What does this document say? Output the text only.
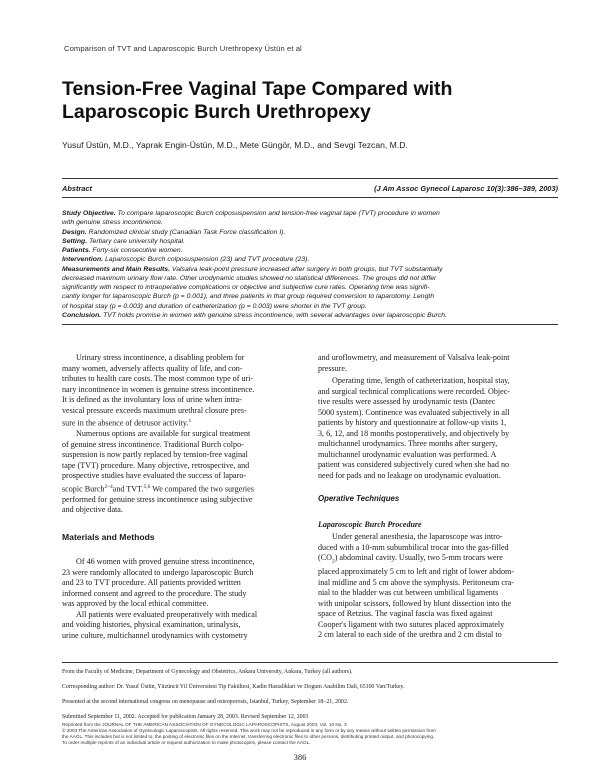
Comparison of TVT and Laparoscopic Burch Urethropexy Üstün et al
Tension-Free Vaginal Tape Compared with
Laparoscopic Burch Urethropexy
Yusuf Üstün, M.D., Yaprak Engin-Üstün, M.D., Mete Güngör, M.D., and Sevgi Tezcan, M.D.
Abstract	(J Am Assoc Gynecol Laparosc 10(3):386–389, 2003)

Study Objective. To compare laparoscopic Burch colposuspension and tension-free vaginal tape (TVT) procedure in women

with genuine stress incontinence.

Design. Randomized clinical study (Canadian Task Force classification I).

Setting. Tertiary care university hospital.

Patients. Forty-six consecutive women.

Intervention. Laparoscopic Burch colposuspension (23) and TVT procedure (23).

Measurements and Main Results. Valsalva leak-point pressure increased after surgery in both groups, but TVT substantially

decreased maximum urinary flow rate. Other urodynamic studies showed no statistical differences. The groups did not differ

significantly with respect to intraoperative complications or objective and subjective cure rates. Operating time was signifi-

cantly longer for laparoscopic Burch (p = 0.001), and three patients in that group required conversion to laparotomy. Length

of hospital stay (p = 0.003) and duration of catheterization (p = 0.003) were shorter in the TVT group.

Conclusion. TVT holds promise in women with genuine stress incontinence, with several advantages over laparoscopic Burch.

Urinary stress incontinence, a disabling problem for
many women, adversely affects quality of life, and con-
tributes to health care costs. The most common type of uri-
nary incontinence in women is genuine stress incontinence.
It is defined as the involuntary loss of urine when intra-
vesical pressure exceeds maximum urethral closure pres-
sure in the absence of detrusor activity.$^1$
Numerous options are available for surgical treatment
of genuine stress incontinence. Traditional Burch colpo-
suspension is now partly replaced by tension-free vaginal
tape (TVT) procedure. Many objective, retrospective, and
prospective studies have evaluated the success of laparo-
scopic Burch$^{2-4}$and TVT.$^{5,6}$ We compared the two surgeries
performed for genuine stress incontinence using subjective
and objective data.
Materials and Methods
Of 46 women with proved genuine stress incontinence,
23 were randomly allocated to undergo laparoscopic Burch
and 23 to TVT procedure. All patients provided written
informed consent and agreed to the procedure. The study
was approved by the local ethical committee.
All patients were evaluated preoperatively with medical
and voiding histories, physical examination, urinalysis,
urine culture, multichannel urodynamics with cystometry
and uroflowmetry, and measurement of Valsalva leak-point
pressure.
Operating time, length of catheterization, hospital stay,
and surgical technical complications were recorded. Objec-
tive results were assessed by urodynamic tests (Dantec
5000 system). Continence was evaluated subjectively in all
patients by history and questionnaire at follow-up visits 1,
3, 6, 12, and 18 months postoperatively, and objectively by
multichannel urodynamics. Three months after surgery,
multichannel urodynamic evaluation was performed. A
patient was considered subjectively cured when she had no
need for pads and no leakage on urodynamic evaluation.
Operative Techniques
Laparoscopic Burch Procedure
Under general anesthesia, the laparoscope was intro-
duced with a 10-mm subumbilical trocar into the gas-filled
$(CO_2)$ abdominal cavity. Usually, two 5-mm trocars were
placed approximately 5 cm to left and right of lower abdom-
inal midline and 5 cm above the symphysis. Peritoneum cra-
nial to the bladder was cut between umbilical ligaments
with unipolar scissors, followed by blunt dissection into the
space of Retzius. The vaginal fascia was fixed against
Cooper's ligament with two sutures placed approximately
2 cm lateral to each side of the urethra and 2 cm distal to

From the Faculty of Medicine, Department of Gynecology and Obstetrics, Ankara University, Ankara, Turkey (all authors).

Corresponding author: Dr. Yusuf Üstün, Yüzüncü Yil Üniversitesi Tip Fakültesi, Kadin Hastaliklari ve Dogum Anabilim Dali, 65100 Van/Turkey.

Presented at the second international congress on menopause and osteoporosis, Istanbul, Turkey, September 18–21, 2002.

Submitted September 11, 2002. Accepted for publication January 28, 2003. Revised September 12, 2003

Reprinted from the JOURNAL OF THE AMERICAN ASSOCIATION OF GYNECOLOGIC LAPAROSCOPISTS, August 2003, Vol. 10 No. 3

© 2003 The American Association of Gynecologic Laparoscopists. All rights reserved. This work may not be reproduced in any form or by any means without written permission from

the AAGL. This includes but is not limited to, the posting of electronic files on the Internet, transferring electronic files to other persons, distributing printed output, and photocopying.

To order multiple reprints of an individual article or request authorization to make photocopies, please contact the AAGL.

386
